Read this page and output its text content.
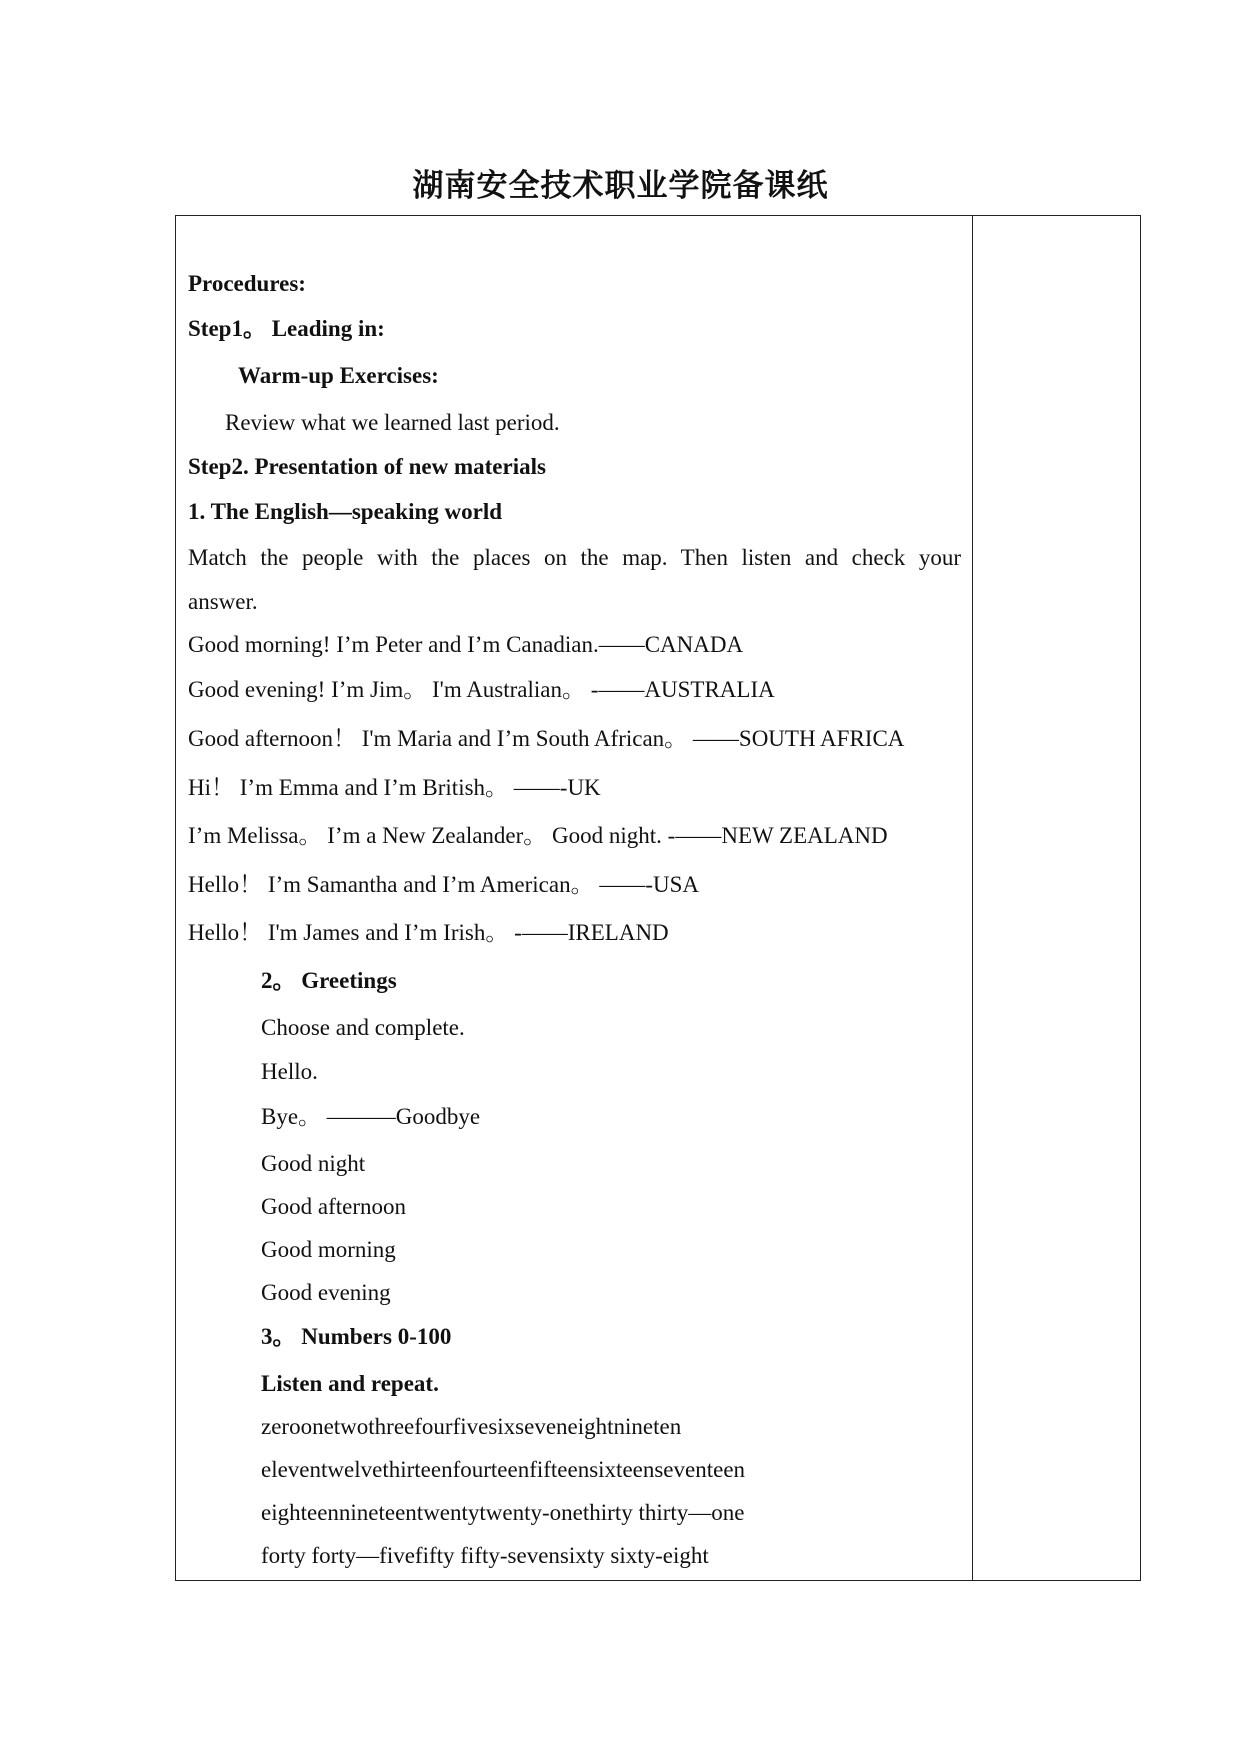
湖南安全技术职业学院备课纸
Procedures:
Step1。 Leading in:
Warm-up Exercises:
Review what we learned last period.
Step2. Presentation of new materials
1. The English—speaking world
Match the people with the places on the map. Then listen and check your
answer.
Good morning! I’m Peter and I’m Canadian.——CANADA
Good evening! I’m Jim。 I'm Australian。 -——AUSTRALIA
Good afternoon！ I'm Maria and I’m South African。 ——SOUTH AFRICA
Hi！ I’m Emma and I’m British。 ——-UK
I’m Melissa。 I’m a New Zealander。 Good night. -——NEW ZEALAND
Hello！ I’m Samantha and I’m American。 ——-USA
Hello！ I'm James and I’m Irish。 -——IRELAND
2。 Greetings
Choose and complete.
Hello.
Bye。 ———Goodbye
Good night
Good afternoon
Good morning
Good evening
3。 Numbers 0-100
Listen and repeat.
zeroonetwothreefourfivesixseveneightnineten
eleventwelvethirteenfourteenfifteensixteenseventeen
eighteennineteentwentytwenty-onethirty thirty—one
forty forty—fivefifty fifty-sevensixty sixty-eight
